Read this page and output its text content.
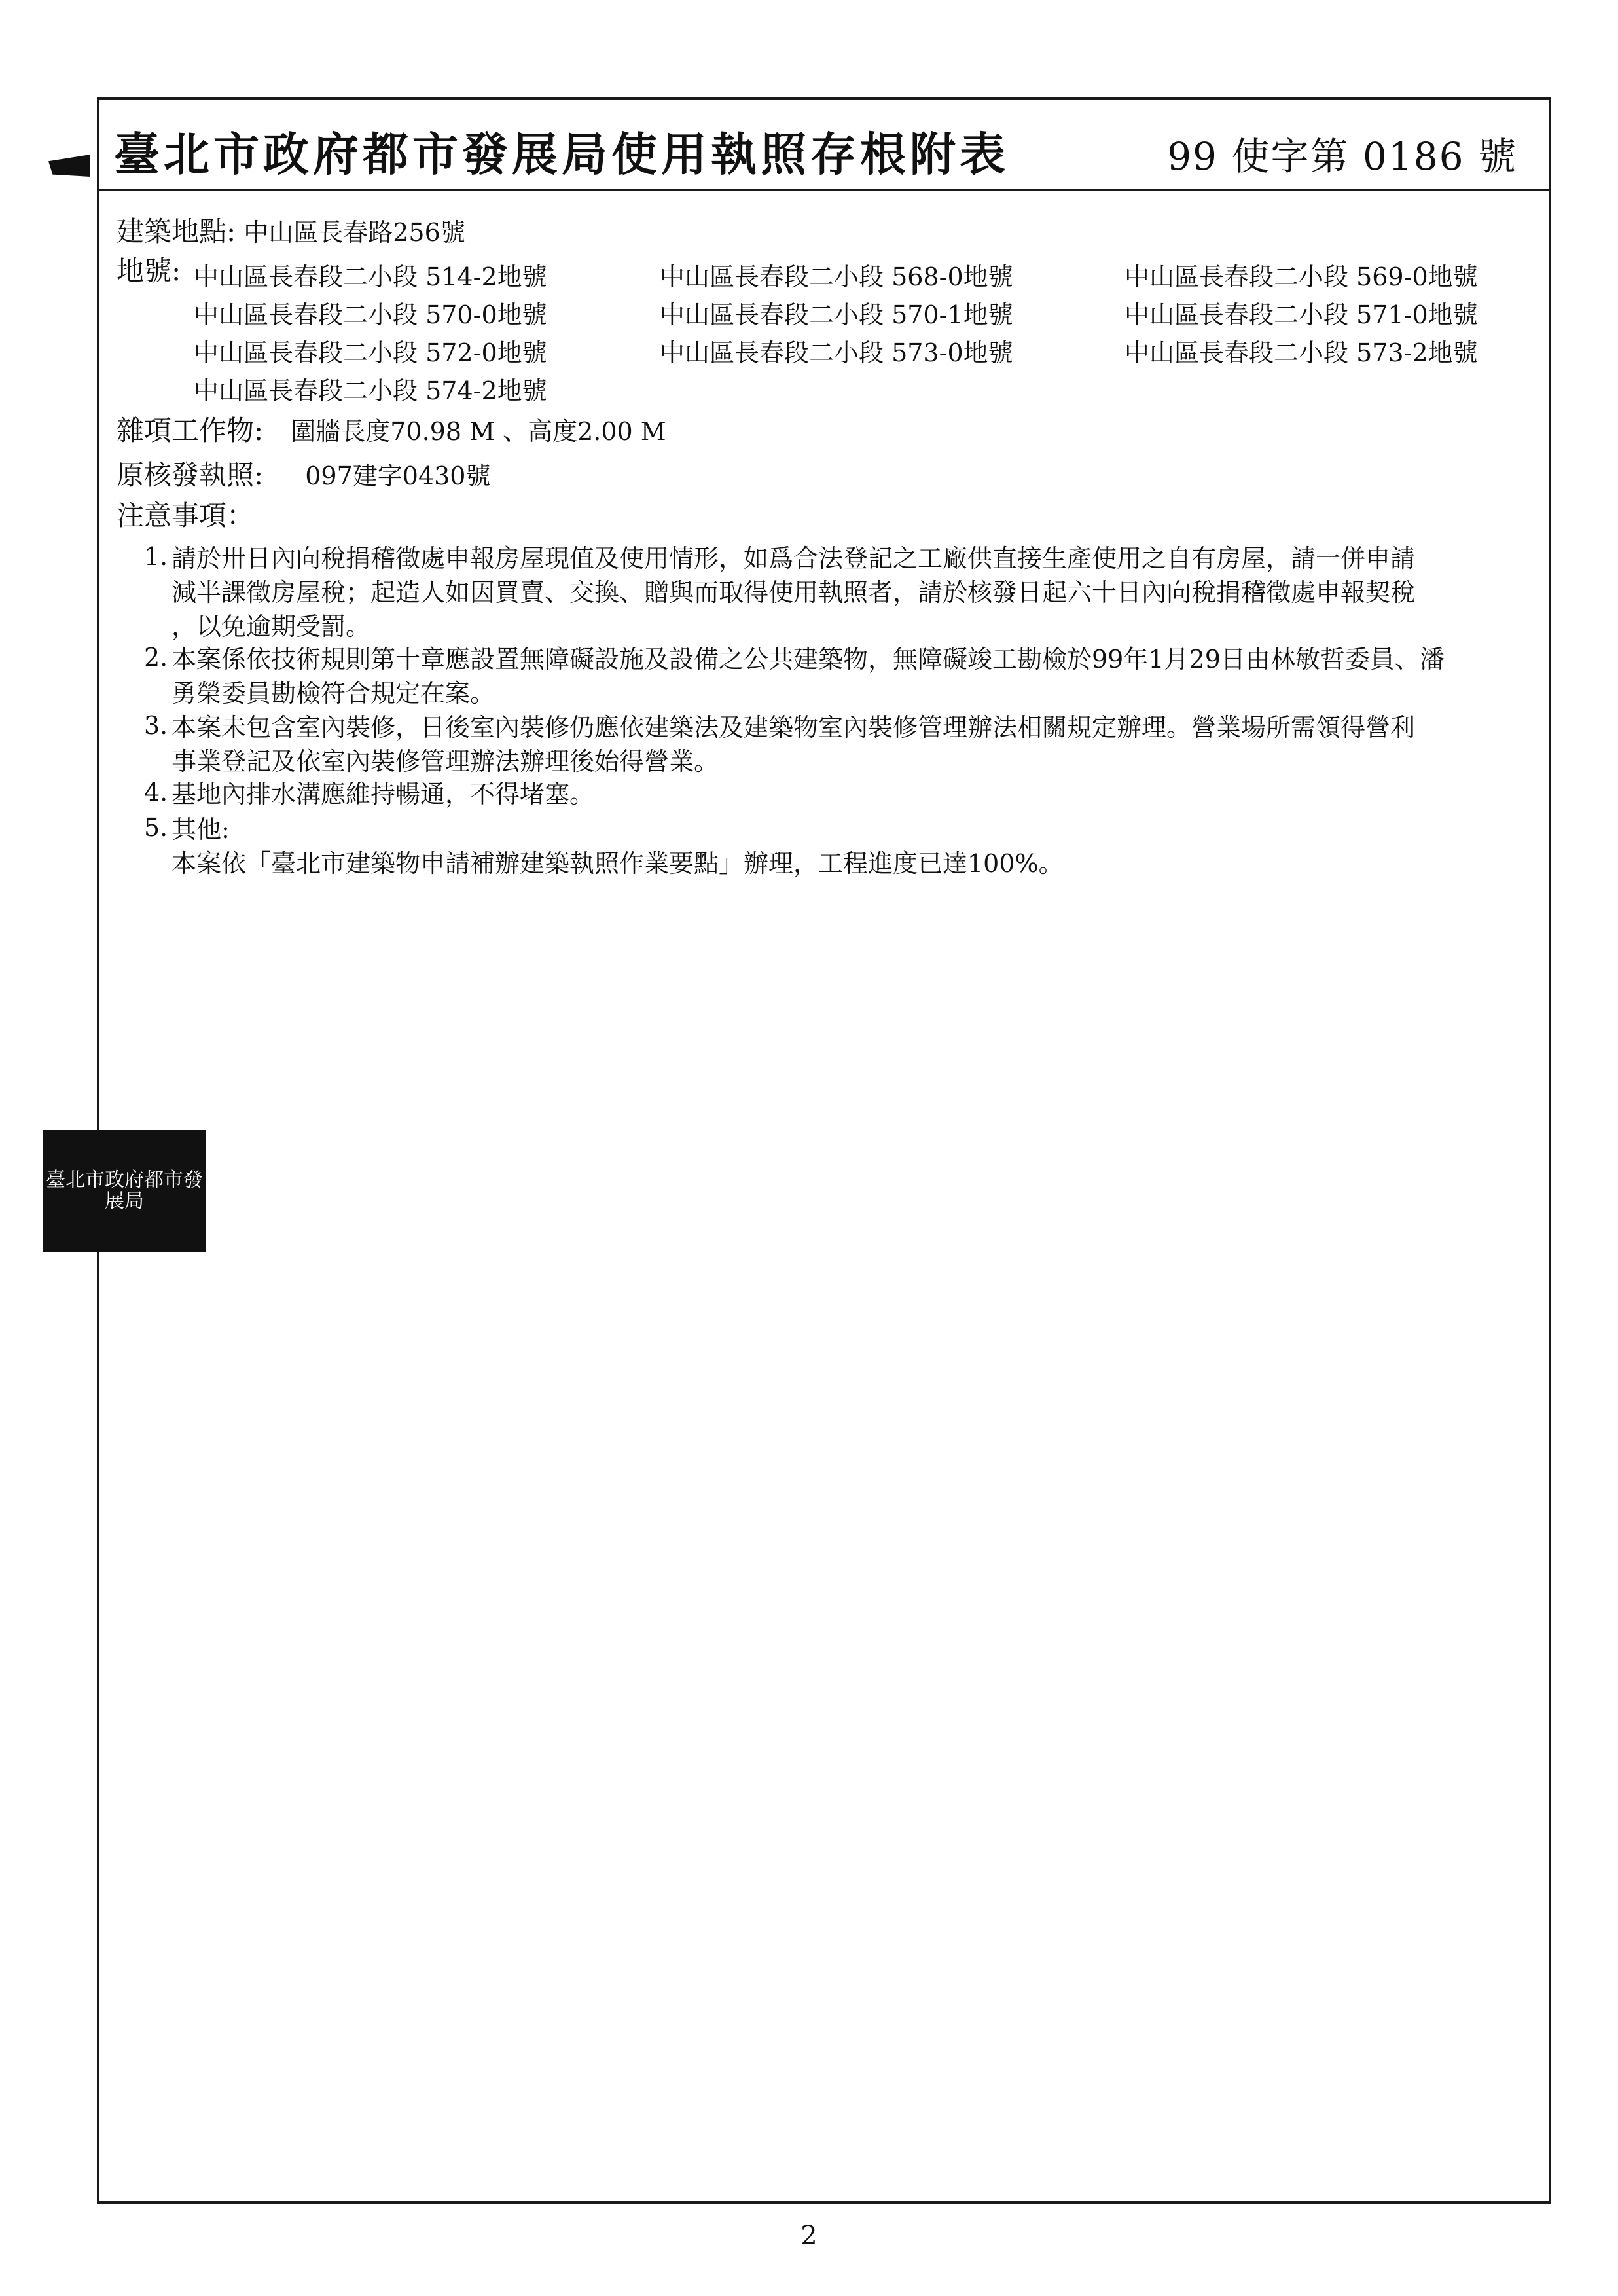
臺北市政府都市發展局使用執照存根附表	99 使字第 0186 號
建築地點: 中山區長春路256號
地號: 中山區長春段二小段 514-2地號	中山區長春段二小段 568-0地號	中山區長春段二小段 569-0地號
中山區長春段二小段 570-0地號	中山區長春段二小段 570-1地號	中山區長春段二小段 571-0地號
中山區長春段二小段 572-0地號	中山區長春段二小段 573-0地號	中山區長春段二小段 573-2地號
中山區長春段二小段 574-2地號
雜項工作物: 圍牆長度70.98 M 、高度2.00 M
原核發執照: 097建字0430號
注意事項：
1. 請於卅日內向稅捐稽徵處申報房屋現值及使用情形，如爲合法登記之工廠供直接生產使用之自有房屋，請一併申請
減半課徵房屋稅；起造人如因買賣、交換、贈與而取得使用執照者，請於核發日起六十日內向稅捐稽徵處申報契稅
，以免逾期受罰。
2. 本案係依技術規則第十章應設置無障礙設施及設備之公共建築物，無障礙竣工勘檢於99年1月29日由林敏哲委員、潘
勇榮委員勘檢符合規定在案。
3. 本案未包含室內裝修，日後室內裝修仍應依建築法及建築物室內裝修管理辦法相關規定辦理。營業場所需領得營利
事業登記及依室內裝修管理辦法辦理後始得營業。
4. 基地內排水溝應維持暢通，不得堵塞。
5. 其他:
本案依「臺北市建築物申請補辦建築執照作業要點」辦理，工程進度已達100%。
臺北市政府都市發展局
2
